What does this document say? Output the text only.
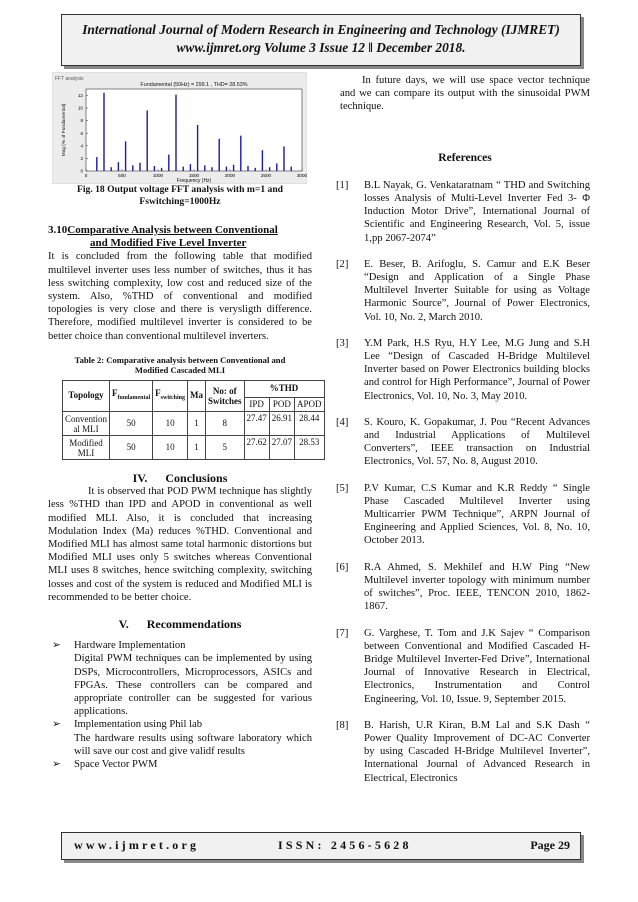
International Journal of Modern Research in Engineering and Technology (IJMRET)
www.ijmret.org Volume 3 Issue 12 ǁ December 2018.
FFT analysis
Fundamental (50Hz) = 299.1 , THD= 28.53%
Frequency (Hz)
Mag (% of Fundamental)
0	500	1000	1500	2000	2500	3000
0
2
4
6
8
10
12
Fig. 18 Output voltage FFT analysis with m=1 and
Fswitching=1000Hz
3.10Comparative Analysis between Conventional
and Modified Five Level Inverter

It is concluded from the following table that modified multilevel inverter uses less number of switches, thus it has less switching complexity, low cost and reduced size of the system. Also, %THD of conventional and modified topologies is very close and there is verysligth difference. Therefore, modified multilevel inverter is considered to be better choice than conventional multilevel inverters.

Table 2: Comparative analysis between Conventional and Modified Cascaded MLI
Topology	$F_{fundamental}$	$F_{switching}$	Ma	No: of
Switches	%THD		
					IPD	POD	APOD
Convention al MLI	50	10	1	8	27.47	26.91	28.44
Modified MLI	50	10	1	5	27.62	27.07	28.53
IV.      Conclusions

It is observed that POD PWM technique has slightly less %THD than IPD and APOD in conventional as well modified MLI. Also, it is concluded that increasing Modulation Index (Ma) reduces %THD. Conventional and Modified MLI has almost same total harmonic distortions but Modified MLI uses only 5 switches whereas Conventional MLI uses 8 switches, hence switching complexity, switching losses and cost of the system is reduced and Modified MLI is recommended to be better choice.

V.      Recommendations
➢ Hardware Implementation
Digital PWM techniques can be implemented by using DSPs, Microcontrollers, Microprocessors, ASICs and FPGAs. These controllers can be compared and appropriate controller can be suggested for various applications.
➢ Implementation using Phil lab
The hardware results using software laboratory which will save our cost and give validf results
➢ Space Vector PWM

In future days, we will use space vector technique and we can compare its output with the sinusoidal PWM technique.

References
[1] B.L Nayak, G. Venkataratnam “ THD and Switching losses Analysis of Multi-Level Inverter Fed 3- Φ Induction Motor Drive”, International Journal of Scientific and Engineering Research, Vol. 5, issue 1,pp 2067-2074”
[2] E. Beser, B. Arifoglu, S. Camur and E.K Beser “Design and Application of a Single Phase Multilevel Inverter Suitable for using as Voltage Harmonic Source”, Journal of Power Electronics, Vol. 10, No. 2, March 2010.
[3] Y.M Park, H.S Ryu, H.Y Lee, M.G Jung and S.H Lee “Design of Cascaded H-Bridge Multilevel Inverter based on Power Electronics building blocks and control for High Performance”, Journal of Power Electronics, Vol. 10, No. 3, May 2010.
[4] S. Kouro, K. Gopakumar, J. Pou “Recent Advances and Industrial Applications of Multilevel Converters”, IEEE transaction on Industrial Electronics, Vol. 57, No. 8, August 2010.
[5] P.V Kumar, C.S Kumar and K.R Reddy “ Single Phase Cascaded Multilevel Inverter using Multicarrier PWM Technique”, ARPN Journal of Engineering and Applied Sciences, Vol. 8, No. 10, October 2013.
[6] R.A Ahmed, S. Mekhilef and H.W Ping “New Multilevel inverter topology with minimum number of switches”, Proc. IEEE, TENCON 2010, 1862-1867.
[7] G. Varghese, T. Tom and J.K Sajev “ Comparison between Conventional and Modified Cascaded H-Bridge Multilevel Inverter-Fed Drive”, International Journal of Innovative Research in Electrical, Electronics, Instrumentation and Control Engineering, Vol. 10, Issue. 9, September 2015.
[8] B. Harish, U.R Kiran, B.M Lal and S.K Dash “ Power Quality Improvement of DC-AC Converter by using Cascaded H-Bridge Multilevel Inverter”, International Journal of Advanced Research in Electrical, Electronics
www.ijmret.org	ISSN: 2456-5628	Page 29
